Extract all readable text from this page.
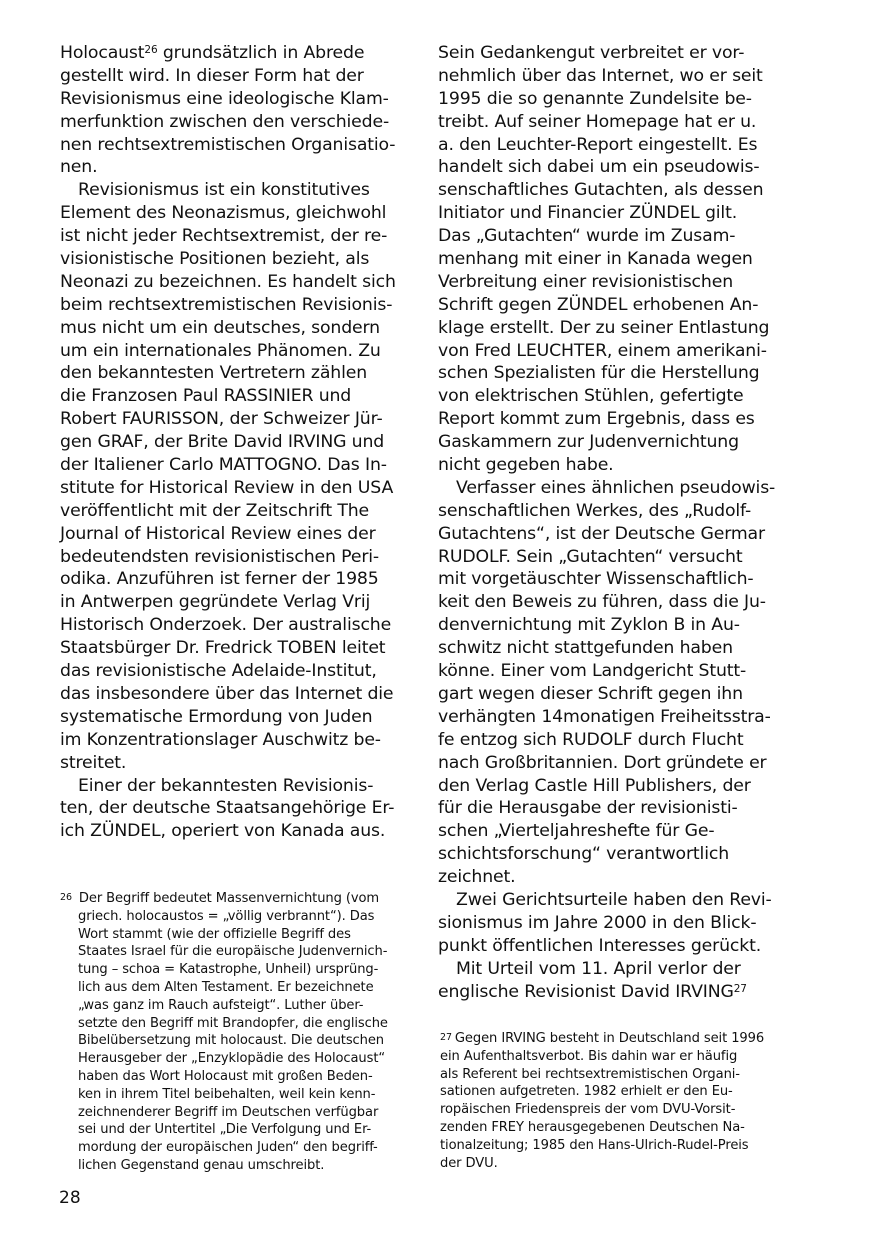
Holocaust$^{26}$ grundsätzlich in Abrede
gestellt wird. In dieser Form hat der
Revisionismus eine ideologische Klam-
merfunktion zwischen den verschiede-
nen rechtsextremistischen Organisatio-
nen.
Revisionismus ist ein konstitutives
Element des Neonazismus, gleichwohl
ist nicht jeder Rechtsextremist, der re-
visionistische Positionen bezieht, als
Neonazi zu bezeichnen. Es handelt sich
beim rechtsextremistischen Revisionis-
mus nicht um ein deutsches, sondern
um ein internationales Phänomen. Zu
den bekanntesten Vertretern zählen
die Franzosen Paul RASSINIER und
Robert FAURISSON, der Schweizer Jür-
gen GRAF, der Brite David IRVING und
der Italiener Carlo MATTOGNO. Das In-
stitute for Historical Review in den USA
veröffentlicht mit der Zeitschrift The
Journal of Historical Review eines der
bedeutendsten revisionistischen Peri-
odika. Anzuführen ist ferner der 1985
in Antwerpen gegründete Verlag Vrij
Historisch Onderzoek. Der australische
Staatsbürger Dr. Fredrick TOBEN leitet
das revisionistische Adelaide-Institut,
das insbesondere über das Internet die
systematische Ermordung von Juden
im Konzentrationslager Auschwitz be-
streitet.
Einer der bekanntesten Revisionis-
ten, der deutsche Staatsangehörige Er-
ich ZÜNDEL, operiert von Kanada aus.
Sein Gedankengut verbreitet er vor-
nehmlich über das Internet, wo er seit
1995 die so genannte Zundelsite be-
treibt. Auf seiner Homepage hat er u.
a. den Leuchter-Report eingestellt. Es
handelt sich dabei um ein pseudowis-
senschaftliches Gutachten, als dessen
Initiator und Financier ZÜNDEL gilt.
Das „Gutachten“ wurde im Zusam-
menhang mit einer in Kanada wegen
Verbreitung einer revisionistischen
Schrift gegen ZÜNDEL erhobenen An-
klage erstellt. Der zu seiner Entlastung
von Fred LEUCHTER, einem amerikani-
schen Spezialisten für die Herstellung
von elektrischen Stühlen, gefertigte
Report kommt zum Ergebnis, dass es
Gaskammern zur Judenvernichtung
nicht gegeben habe.
Verfasser eines ähnlichen pseudowis-
senschaftlichen Werkes, des „Rudolf-
Gutachtens“, ist der Deutsche Germar
RUDOLF. Sein „Gutachten“ versucht
mit vorgetäuschter Wissenschaftlich-
keit den Beweis zu führen, dass die Ju-
denvernichtung mit Zyklon B in Au-
schwitz nicht stattgefunden haben
könne. Einer vom Landgericht Stutt-
gart wegen dieser Schrift gegen ihn
verhängten 14monatigen Freiheitsstra-
fe entzog sich RUDOLF durch Flucht
nach Großbritannien. Dort gründete er
den Verlag Castle Hill Publishers, der
für die Herausgabe der revisionisti-
schen „Vierteljahreshefte für Ge-
schichtsforschung“ verantwortlich
zeichnet.
Zwei Gerichtsurteile haben den Revi-
sionismus im Jahre 2000 in den Blick-
punkt öffentlichen Interesses gerückt.
Mit Urteil vom 11. April verlor der
englische Revisionist David IRVING$^{27}$
$^{26}$ Der Begriff bedeutet Massenvernichtung (vom
griech. holocaustos = „völlig verbrannt“). Das
Wort stammt (wie der offizielle Begriff des
Staates Israel für die europäische Judenvernich-
tung – schoa = Katastrophe, Unheil) ursprüng-
lich aus dem Alten Testament. Er bezeichnete
„was ganz im Rauch aufsteigt“. Luther über-
setzte den Begriff mit Brandopfer, die englische
Bibelübersetzung mit holocaust. Die deutschen
Herausgeber der „Enzyklopädie des Holocaust“
haben das Wort Holocaust mit großen Beden-
ken in ihrem Titel beibehalten, weil kein kenn-
zeichnenderer Begriff im Deutschen verfügbar
sei und der Untertitel „Die Verfolgung und Er-
mordung der europäischen Juden“ den begriff-
lichen Gegenstand genau umschreibt.
$^{27}$ Gegen IRVING besteht in Deutschland seit 1996
ein Aufenthaltsverbot. Bis dahin war er häufig
als Referent bei rechtsextremistischen Organi-
sationen aufgetreten. 1982 erhielt er den Eu-
ropäischen Friedenspreis der vom DVU-Vorsit-
zenden FREY herausgegebenen Deutschen Na-
tionalzeitung; 1985 den Hans-Ulrich-Rudel-Preis
der DVU.
28
